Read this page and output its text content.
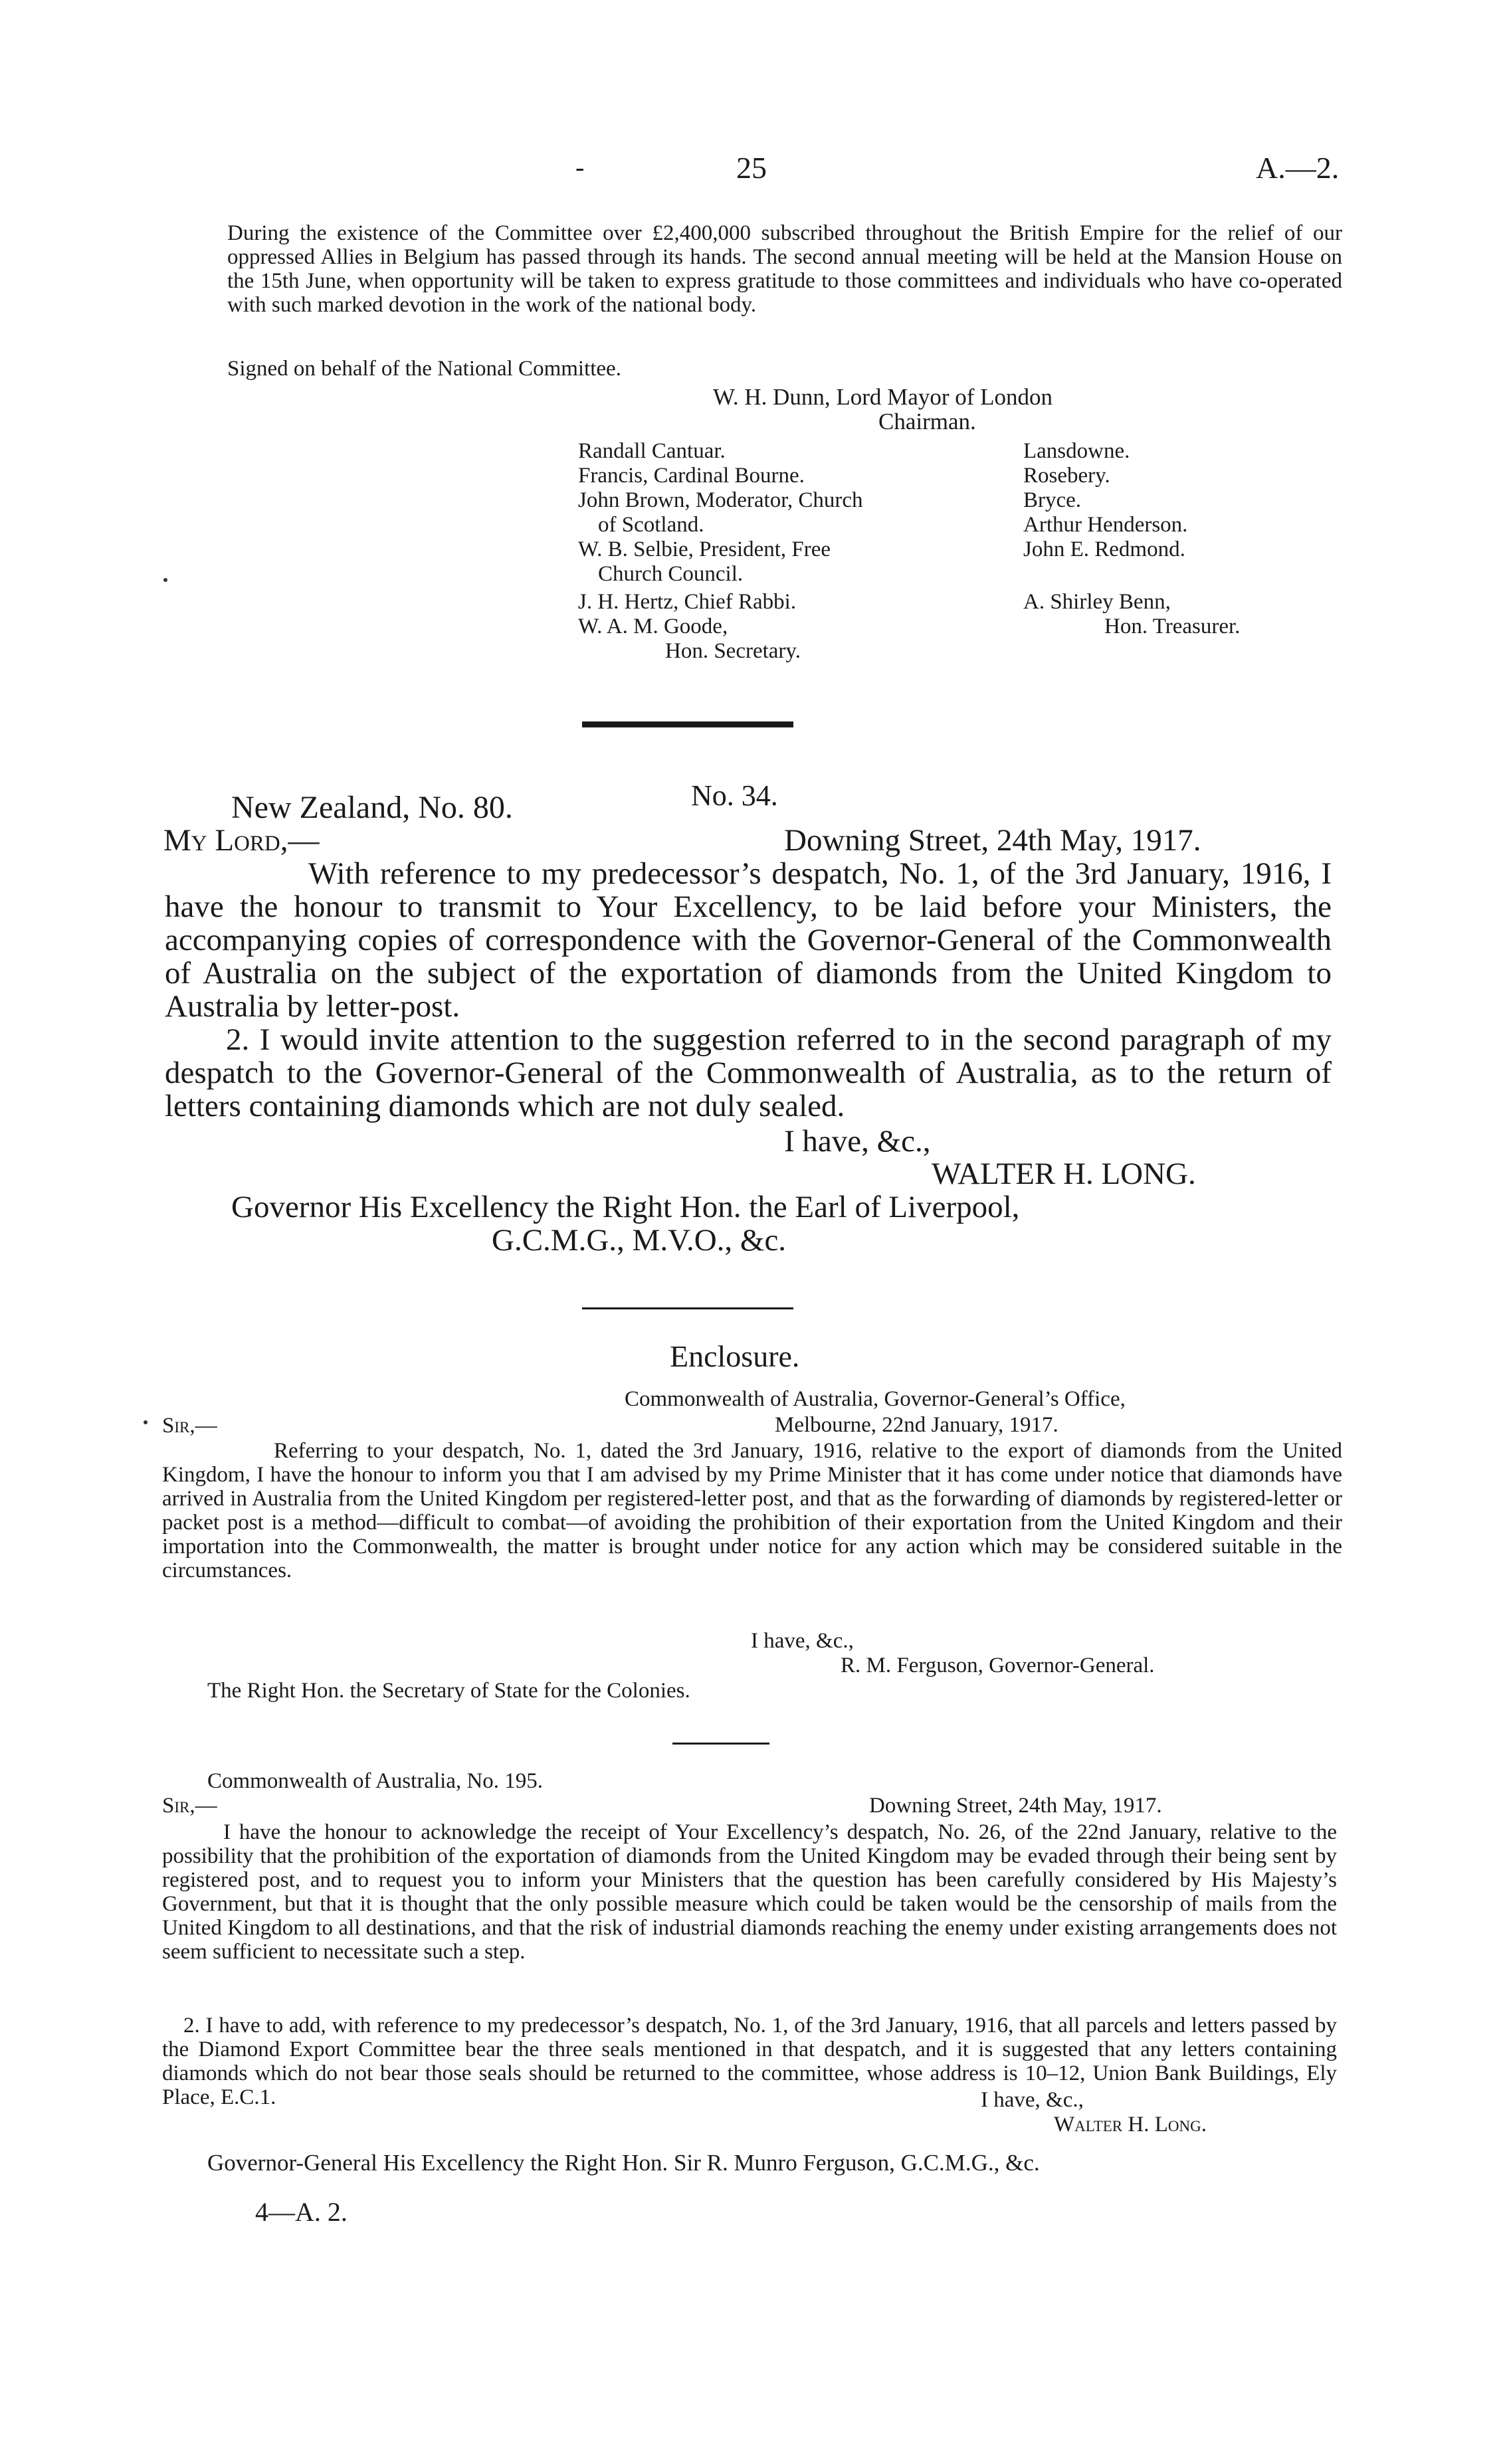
-	25	A.—2.

During the existence of the Committee over £2,400,000 subscribed throughout the British Empire for the relief of our oppressed Allies in Belgium has passed through its hands. The second annual meeting will be held at the Mansion House on the 15th June, when opportunity will be taken to express gratitude to those committees and individuals who have co-operated with such marked devotion in the work of the national body.

Signed on behalf of the National Committee.
W. H. Dunn, Lord Mayor of London
Chairman.
Randall Cantuar.
Francis, Cardinal Bourne.
John Brown, Moderator, Church
of Scotland.
W. B. Selbie, President, Free
Church Council.
J. H. Hertz, Chief Rabbi.
W. A. M. Goode,
Hon. Secretary.
Lansdowne.
Rosebery.
Bryce.
Arthur Henderson.
John E. Redmond.
A. Shirley Benn,
Hon. Treasurer.
New Zealand, No. 80.	No. 34.
My Lord,—	Downing Street, 24th May, 1917.

With reference to my predecessor’s despatch, No. 1, of the 3rd January, 1916, I have the honour to transmit to Your Excellency, to be laid before your Ministers, the accompanying copies of correspondence with the Governor-General of the Commonwealth of Australia on the subject of the exportation of diamonds from the United Kingdom to Australia by letter-post.

2. I would invite attention to the suggestion referred to in the second paragraph of my despatch to the Governor-General of the Commonwealth of Australia, as to the return of letters containing diamonds which are not duly sealed.

I have, &c.,
WALTER H. LONG.
Governor His Excellency the Right Hon. the Earl of Liverpool,
G.C.M.G., M.V.O., &c.
Enclosure.
Commonwealth of Australia, Governor-General’s Office,
Melbourne, 22nd January, 1917.
Sir,—

Referring to your despatch, No. 1, dated the 3rd January, 1916, relative to the export of diamonds from the United Kingdom, I have the honour to inform you that I am advised by my Prime Minister that it has come under notice that diamonds have arrived in Australia from the United Kingdom per registered-letter post, and that as the forwarding of diamonds by registered-letter or packet post is a method—difficult to combat—of avoiding the prohibition of their exportation from the United Kingdom and their importation into the Commonwealth, the matter is brought under notice for any action which may be considered suitable in the circumstances.

I have, &c.,
R. M. Ferguson, Governor-General.
The Right Hon. the Secretary of State for the Colonies.
Commonwealth of Australia, No. 195.
Sir,—	Downing Street, 24th May, 1917.

I have the honour to acknowledge the receipt of Your Excellency’s despatch, No. 26, of the 22nd January, relative to the possibility that the prohibition of the exportation of diamonds from the United Kingdom may be evaded through their being sent by registered post, and to request you to inform your Ministers that the question has been carefully considered by His Majesty’s Government, but that it is thought that the only possible measure which could be taken would be the censorship of mails from the United Kingdom to all destinations, and that the risk of industrial diamonds reaching the enemy under existing arrangements does not seem sufficient to necessitate such a step.

2. I have to add, with reference to my predecessor’s despatch, No. 1, of the 3rd January, 1916, that all parcels and letters passed by the Diamond Export Committee bear the three seals mentioned in that despatch, and it is suggested that any letters containing diamonds which do not bear those seals should be returned to the committee, whose address is 10–12, Union Bank Buildings, Ely Place, E.C.1.	I have, &c.,
Walter H. Long.
Governor-General His Excellency the Right Hon. Sir R. Munro Ferguson, G.C.M.G., &c.
4—A. 2.
